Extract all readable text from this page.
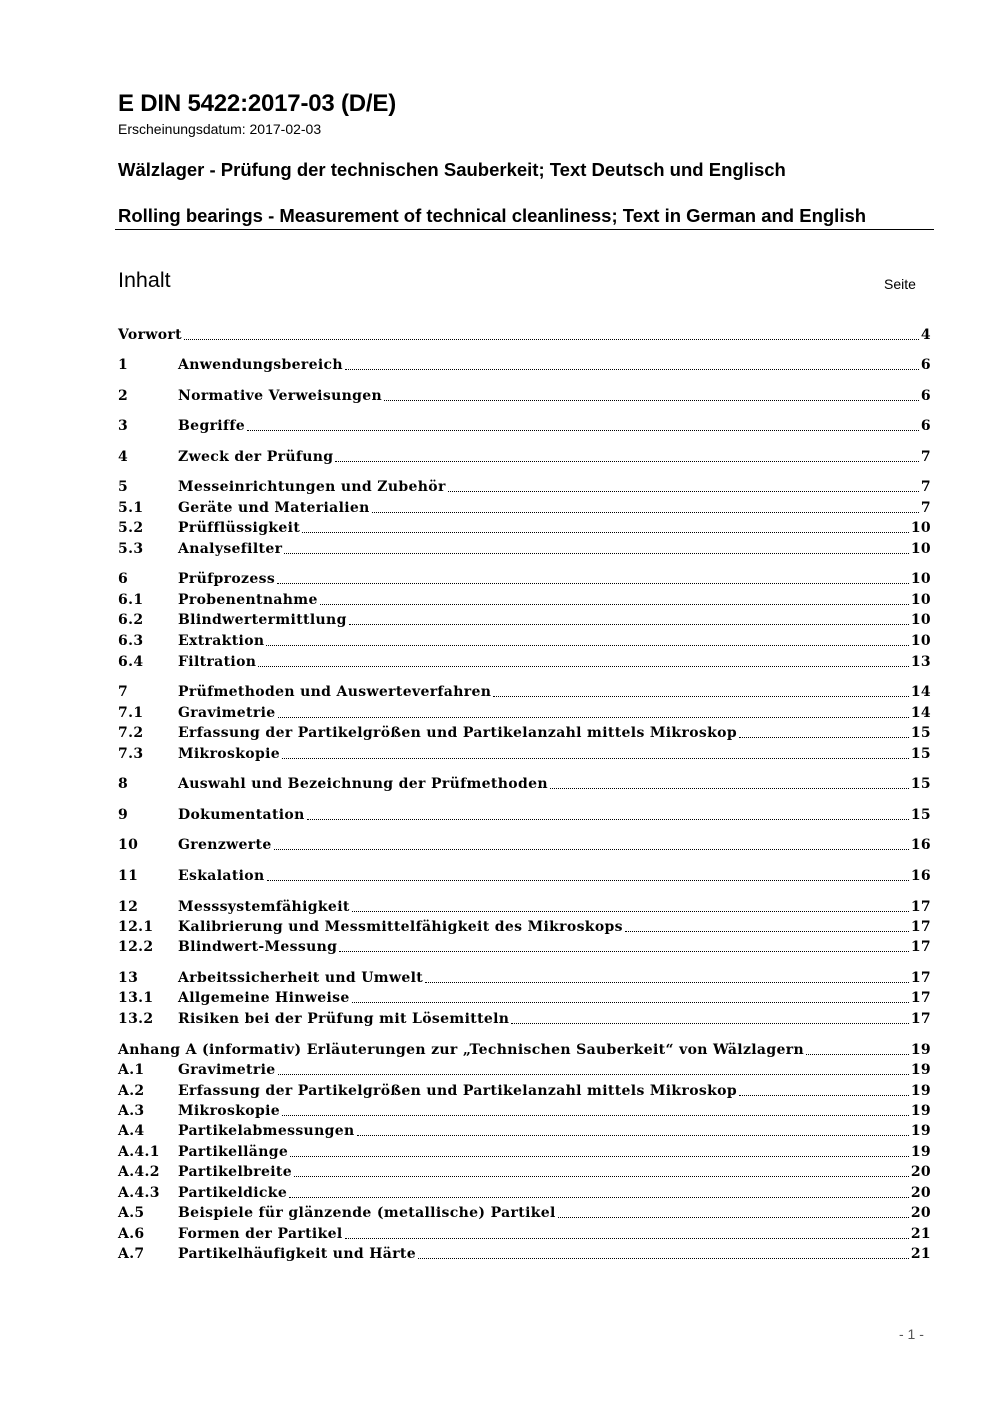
E DIN 5422:2017-03 (D/E)
Erscheinungsdatum: 2017-02-03
Wälzlager - Prüfung der technischen Sauberkeit; Text Deutsch und Englisch
Rolling bearings - Measurement of technical cleanliness; Text in German and English
Inhalt	Seite
Vorwort	4
1	Anwendungsbereich	6
2	Normative Verweisungen	6
3	Begriffe	6
4	Zweck der Prüfung	7
5	Messeinrichtungen und Zubehör	7
5.1	Geräte und Materialien	7
5.2	Prüfflüssigkeit	10
5.3	Analysefilter	10
6	Prüfprozess	10
6.1	Probenentnahme	10
6.2	Blindwertermittlung	10
6.3	Extraktion	10
6.4	Filtration	13
7	Prüfmethoden und Auswerteverfahren	14
7.1	Gravimetrie	14
7.2	Erfassung der Partikelgrößen und Partikelanzahl mittels Mikroskop	15
7.3	Mikroskopie	15
8	Auswahl und Bezeichnung der Prüfmethoden	15
9	Dokumentation	15
10	Grenzwerte	16
11	Eskalation	16
12	Messsystemfähigkeit	17
12.1	Kalibrierung und Messmittelfähigkeit des Mikroskops	17
12.2	Blindwert-Messung	17
13	Arbeitssicherheit und Umwelt	17
13.1	Allgemeine Hinweise	17
13.2	Risiken bei der Prüfung mit Lösemitteln	17
Anhang A (informativ) Erläuterungen zur „Technischen Sauberkeit“ von Wälzlagern	19
A.1	Gravimetrie	19
A.2	Erfassung der Partikelgrößen und Partikelanzahl mittels Mikroskop	19
A.3	Mikroskopie	19
A.4	Partikelabmessungen	19
A.4.1	Partikellänge	19
A.4.2	Partikelbreite	20
A.4.3	Partikeldicke	20
A.5	Beispiele für glänzende (metallische) Partikel	20
A.6	Formen der Partikel	21
A.7	Partikelhäufigkeit und Härte	21
- 1 -
